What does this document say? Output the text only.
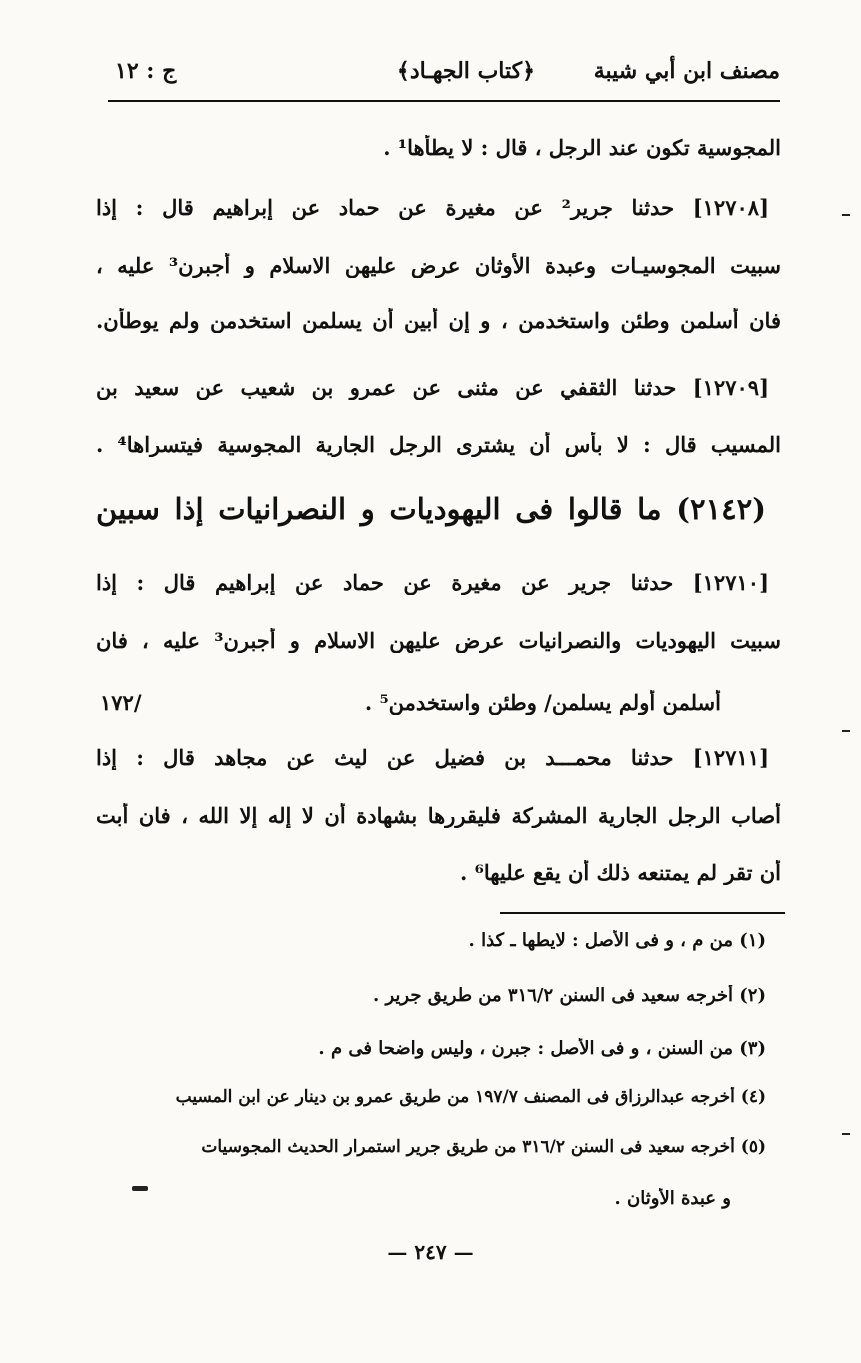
مصنف ابن أبي شيبة
﴿كتاب الجهـاد﴾
ج : ١٢
المجوسية تكون عند الرجل ، قال : لا يطأها¹ .
[١٢٧٠٨] حدثنا جرير² عن مغيرة عن حماد عن إبراهيم قال : إذا
سبيت المجوسيـات وعبدة الأوثان عرض عليهن الاسلام و أجبرن³ عليه ،
فان أسلمن وطئن واستخدمن ، و إن أبين أن يسلمن استخدمن ولم يوطأن.
[١٢٧٠٩] حدثنا الثقفي عن مثنى عن عمرو بن شعيب عن سعيد بن
المسيب قال : لا بأس أن يشترى الرجل الجارية المجوسية فيتسراها⁴ .
(٢١٤٢) ما قالوا فى اليهوديات و النصرانيات إذا سبين
[١٢٧١٠] حدثنا جرير عن مغيرة عن حماد عن إبراهيم قال : إذا
سبيت اليهوديات والنصرانيات عرض عليهن الاسلام و أجبرن³ عليه ، فان
أسلمن أولم يسلمن/ وطئن واستخدمن⁵ .
/١٧٢
[١٢٧١١] حدثنا محمـــد بن فضيل عن ليث عن مجاهد قال : إذا
أصاب الرجل الجارية المشركة فليقررها بشهادة أن لا إله إلا الله ، فان أبت
أن تقر لم يمتنعه ذلك أن يقع عليها⁶ .
(١) من م ، و فى الأصل : لايطها ـ كذا .
(٢) أخرجه سعيد فى السنن ٣١٦/٢ من طريق جرير .
(٣) من السنن ، و فى الأصل : جبرن ، وليس واضحا فى م .
(٤) أخرجه عبدالرزاق فى المصنف ١٩٧/٧ من طريق عمرو بن دينار عن ابن المسيب
(٥) أخرجه سعيد فى السنن ٣١٦/٢ من طريق جرير استمرار الحديث المجوسيات
و عبدة الأوثان .
— ٢٤٧ —
